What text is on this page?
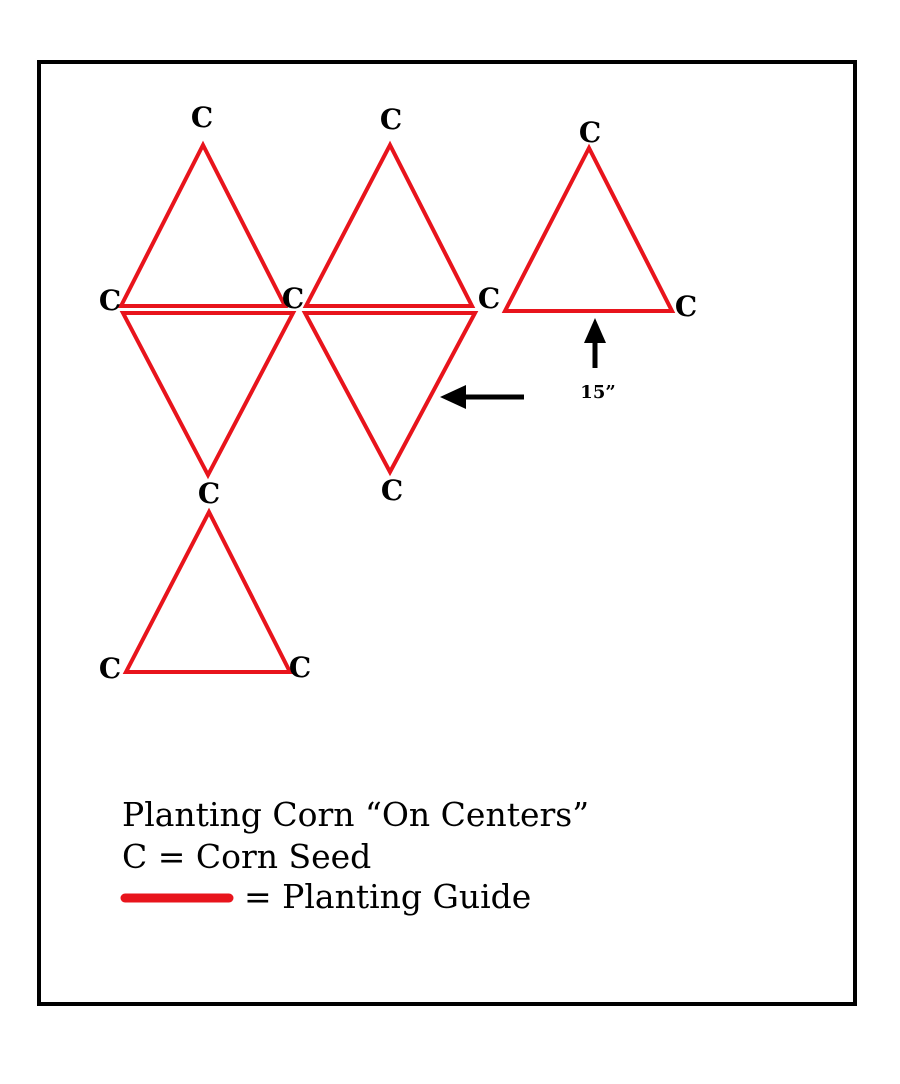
C	C	C
C	C	C	C
C	C
C	C
15”
Planting Corn “On Centers”
C = Corn Seed
= Planting Guide
